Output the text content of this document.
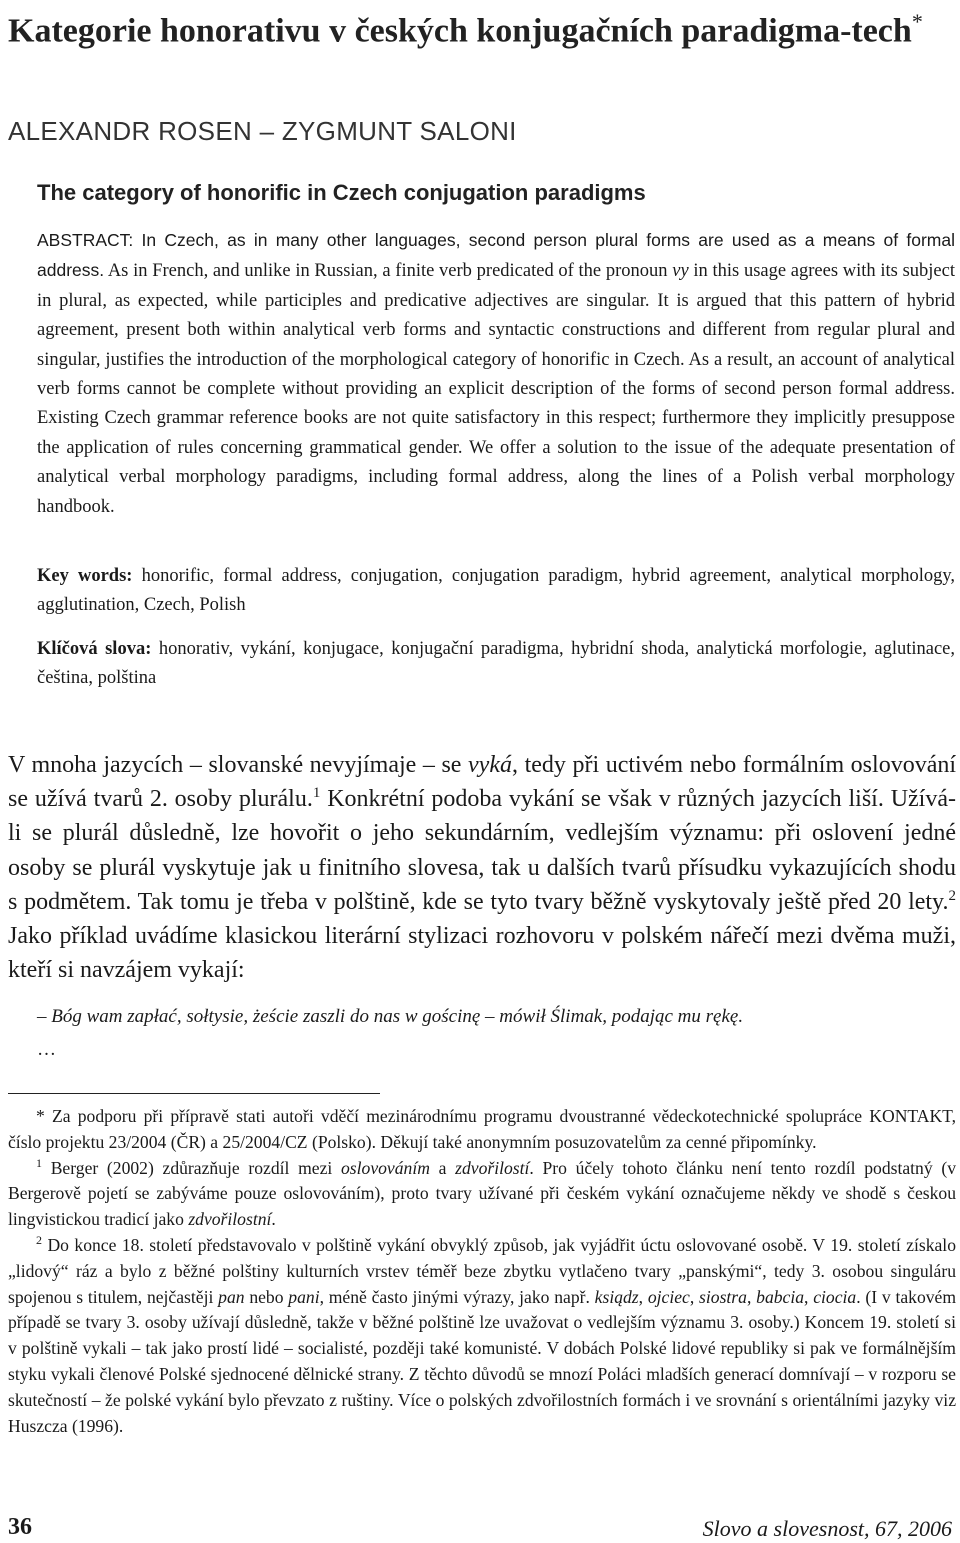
Kategorie honorativu v českých konjugačních paradigma-tech*

ALEXANDR ROSEN – ZYGMUNT SALONI

The category of honorific in Czech conjugation paradigms

ABSTRACT: In Czech, as in many other languages, second person plural forms are used as a means of formal address. As in French, and unlike in Russian, a finite verb predicated of the pronoun vy in this usage agrees with its subject in plural, as expected, while participles and predicative adjectives are singular. It is argued that this pattern of hybrid agreement, present both within analytical verb forms and syntactic constructions and different from regular plural and singular, justifies the introduction of the morphological category of honorific in Czech. As a result, an account of analytical verb forms cannot be complete without providing an explicit description of the forms of second person formal address. Existing Czech grammar reference books are not quite satisfactory in this respect; furthermore they implicitly presuppose the application of rules concerning grammatical gender. We offer a solution to the issue of the adequate presentation of analytical verbal morphology paradigms, including formal address, along the lines of a Polish verbal morphology handbook.

Key words: honorific, formal address, conjugation, conjugation paradigm, hybrid agreement, analytical morphology, agglutination, Czech, Polish

Klíčová slova: honorativ, vykání, konjugace, konjugační paradigma, hybridní shoda, analytická morfologie, aglutinace, čeština, polština

V mnoha jazycích – slovanské nevyjímaje – se vyká, tedy při uctivém nebo formálním oslovování se užívá tvarů 2. osoby plurálu.$^1$ Konkrétní podoba vykání se však v různých jazycích liší. Užívá-li se plurál důsledně, lze hovořit o jeho sekundárním, vedlejším významu: při oslovení jedné osoby se plurál vyskytuje jak u finitního slovesa, tak u dalších tvarů přísudku vykazujících shodu s podmětem. Tak tomu je třeba v polštině, kde se tyto tvary běžně vyskytovaly ještě před 20 lety.$^2$ Jako příklad uvádíme klasickou literární stylizaci rozhovoru v polském nářečí mezi dvěma muži, kteří si navzájem vykají:

– Bóg wam zapłać, sołtysie, żeście zaszli do nas w gościnę – mówił Ślimak, podając mu rękę.

…

* Za podporu při přípravě stati autoři vděčí mezinárodnímu programu dvoustranné vědeckotechnické spolupráce KONTAKT, číslo projektu 23/2004 (ČR) a 25/2004/CZ (Polsko). Děkují také anonymním posuzovatelům za cenné připomínky.

$^1$ Berger (2002) zdůrazňuje rozdíl mezi oslovováním a zdvořilostí. Pro účely tohoto článku není tento rozdíl podstatný (v Bergerově pojetí se zabýváme pouze oslovováním), proto tvary užívané při českém vykání označujeme někdy ve shodě s českou lingvistickou tradicí jako zdvořilostní.

$^2$ Do konce 18. století představovalo v polštině vykání obvyklý způsob, jak vyjádřit úctu oslovované osobě. V 19. století získalo „lidový“ ráz a bylo z běžné polštiny kulturních vrstev téměř beze zbytku vytlačeno tvary „panskými“, tedy 3. osobou singuláru spojenou s titulem, nejčastěji pan nebo pani, méně často jinými výrazy, jako např. ksiądz, ojciec, siostra, babcia, ciocia. (I v takovém případě se tvary 3. osoby užívají důsledně, takže v běžné polštině lze uvažovat o vedlejším významu 3. osoby.) Koncem 19. století si v polštině vykali – tak jako prostí lidé – socialisté, později také komunisté. V dobách Polské lidové republiky si pak ve formálnějším styku vykali členové Polské sjednocené dělnické strany. Z těchto důvodů se mnozí Poláci mladších generací domnívají – v rozporu se skutečností – že polské vykání bylo převzato z ruštiny. Více o polských zdvořilostních formách i ve srovnání s orientálními jazyky viz Huszcza (1996).

36	Slovo a slovesnost, 67, 2006
